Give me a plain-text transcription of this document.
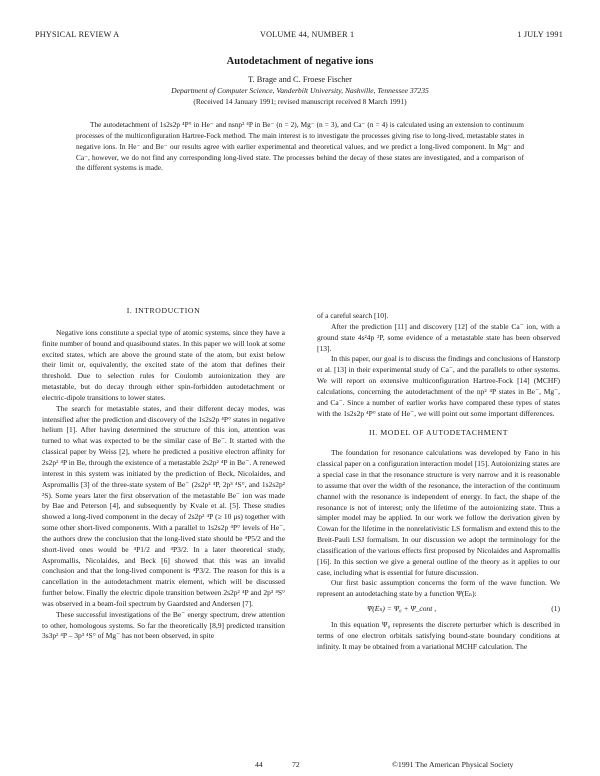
PHYSICAL REVIEW A	VOLUME 44, NUMBER 1	1 JULY 1991
Autodetachment of negative ions
T. Brage and C. Froese Fischer
Department of Computer Science, Vanderbilt University, Nashville, Tennessee 37235
(Received 14 January 1991; revised manuscript received 8 March 1991)

The autodetachment of 1s2s2p ⁴P° in He⁻ and nsnp² ⁴P in Be⁻ (n = 2), Mg⁻ (n = 3), and Ca⁻ (n = 4) is calculated using an extension to continuum processes of the multiconfiguration Hartree-Fock method. The main interest is to investigate the processes giving rise to long-lived, metastable states in negative ions. In He⁻ and Be⁻ our results agree with earlier experimental and theoretical values, and we predict a long-lived component. In Mg⁻ and Ca⁻, however, we do not find any corresponding long-lived state. The processes behind the decay of these states are investigated, and a comparison of the different systems is made.

I. INTRODUCTION

Negative ions constitute a special type of atomic systems, since they have a finite number of bound and quasibound states. In this paper we will look at some excited states, which are above the ground state of the atom, but exist below their limit or, equivalently, the excited state of the atom that defines their threshold. Due to selection rules for Coulomb autoionization they are metastable, but do decay through either spin-forbidden autodetachment or electric-dipole transitions to lower states.

The search for metastable states, and their different decay modes, was intensified after the prediction and discovery of the 1s2s2p ⁴P° states in negative helium [1]. After having determined the structure of this ion, attention was turned to what was expected to be the similar case of Be⁻. It started with the classical paper by Weiss [2], where he predicted a positive electron affinity for 2s2p² ⁴P in Be, through the existence of a metastable 2s2p² ⁴P in Be⁻. A renewed interest in this system was initiated by the prediction of Beck, Nicolaides, and Aspromallis [3] of the three-state system of Be⁻ (2s2p² ⁴P, 2p³ ⁴S°, and 1s2s2p² ²S). Some years later the first observation of the metastable Be⁻ ion was made by Bae and Peterson [4], and subsequently by Kvale et al. [5]. These studies showed a long-lived component in the decay of 2s2p² ⁴P (≥ 10 μs) together with some other short-lived components. With a parallel to 1s2s2p ⁴P° levels of He⁻, the authors drew the conclusion that the long-lived state should be ⁴P5/2 and the short-lived ones would be ⁴P1/2 and ⁴P3/2. In a later theoretical study, Aspromallis, Nicolaides, and Beck [6] showed that this was an invalid conclusion and that the long-lived component is ⁴P3/2. The reason for this is a cancellation in the autodetachment matrix element, which will be discussed further below. Finally the electric dipole transition between 2s2p² ⁴P and 2p³ ⁴S° was observed in a beam-foil spectrum by Gaardsted and Andersen [7].

These successful investigations of the Be⁻ energy spectrum, drew attention to other, homologous systems. So far the theoretically [8,9] predicted transition 3s3p² ⁴P – 3p³ ⁴S° of Mg⁻ has not been observed, in spite

of a careful search [10].

After the prediction [11] and discovery [12] of the stable Ca⁻ ion, with a ground state 4s²4p ²P, some evidence of a metastable state has been observed [13].

In this paper, our goal is to discuss the findings and conclusions of Hanstorp et al. [13] in their experimental study of Ca⁻, and the parallels to other systems. We will report on extensive multiconfiguration Hartree-Fock [14] (MCHF) calculations, concerning the autodetachment of the np² ⁴P states in Be⁻, Mg⁻, and Ca⁻. Since a number of earlier works have compared these types of states with the 1s2s2p ⁴P° state of He⁻, we will point out some important differences.

II. MODEL OF AUTODETACHMENT

The foundation for resonance calculations was developed by Fano in his classical paper on a configuration interaction model [15]. Autoionizing states are a special case in that the resonance structure is very narrow and it is reasonable to assume that over the width of the resonance, the interaction of the continuum channel with the resonance is independent of energy. In fact, the shape of the resonance is not of interest; only the lifetime of the autoionizing state. Thus a simpler model may be applied. In our work we follow the derivation given by Cowan for the lifetime in the nonrelativistic LS formalism and extend this to the Breit-Pauli LSJ formalism. In our discussion we adopt the terminology for the classification of the various effects first proposed by Nicolaides and Aspromallis [16]. In this section we give a general outline of the theory as it applies to our case, including what is essential for future discussion.

Our first basic assumption concerns the form of the wave function. We represent an autodetaching state by a function Ψ(Eₙ):

Ψ(Eₙ) = Ψ₀ + Ψ_cont ,	(1)

In this equation Ψ₀ represents the discrete perturber which is described in terms of one electron orbitals satisfying bound-state boundary conditions at infinity. It may be obtained from a variational MCHF calculation. The

44	72	©1991 The American Physical Society
